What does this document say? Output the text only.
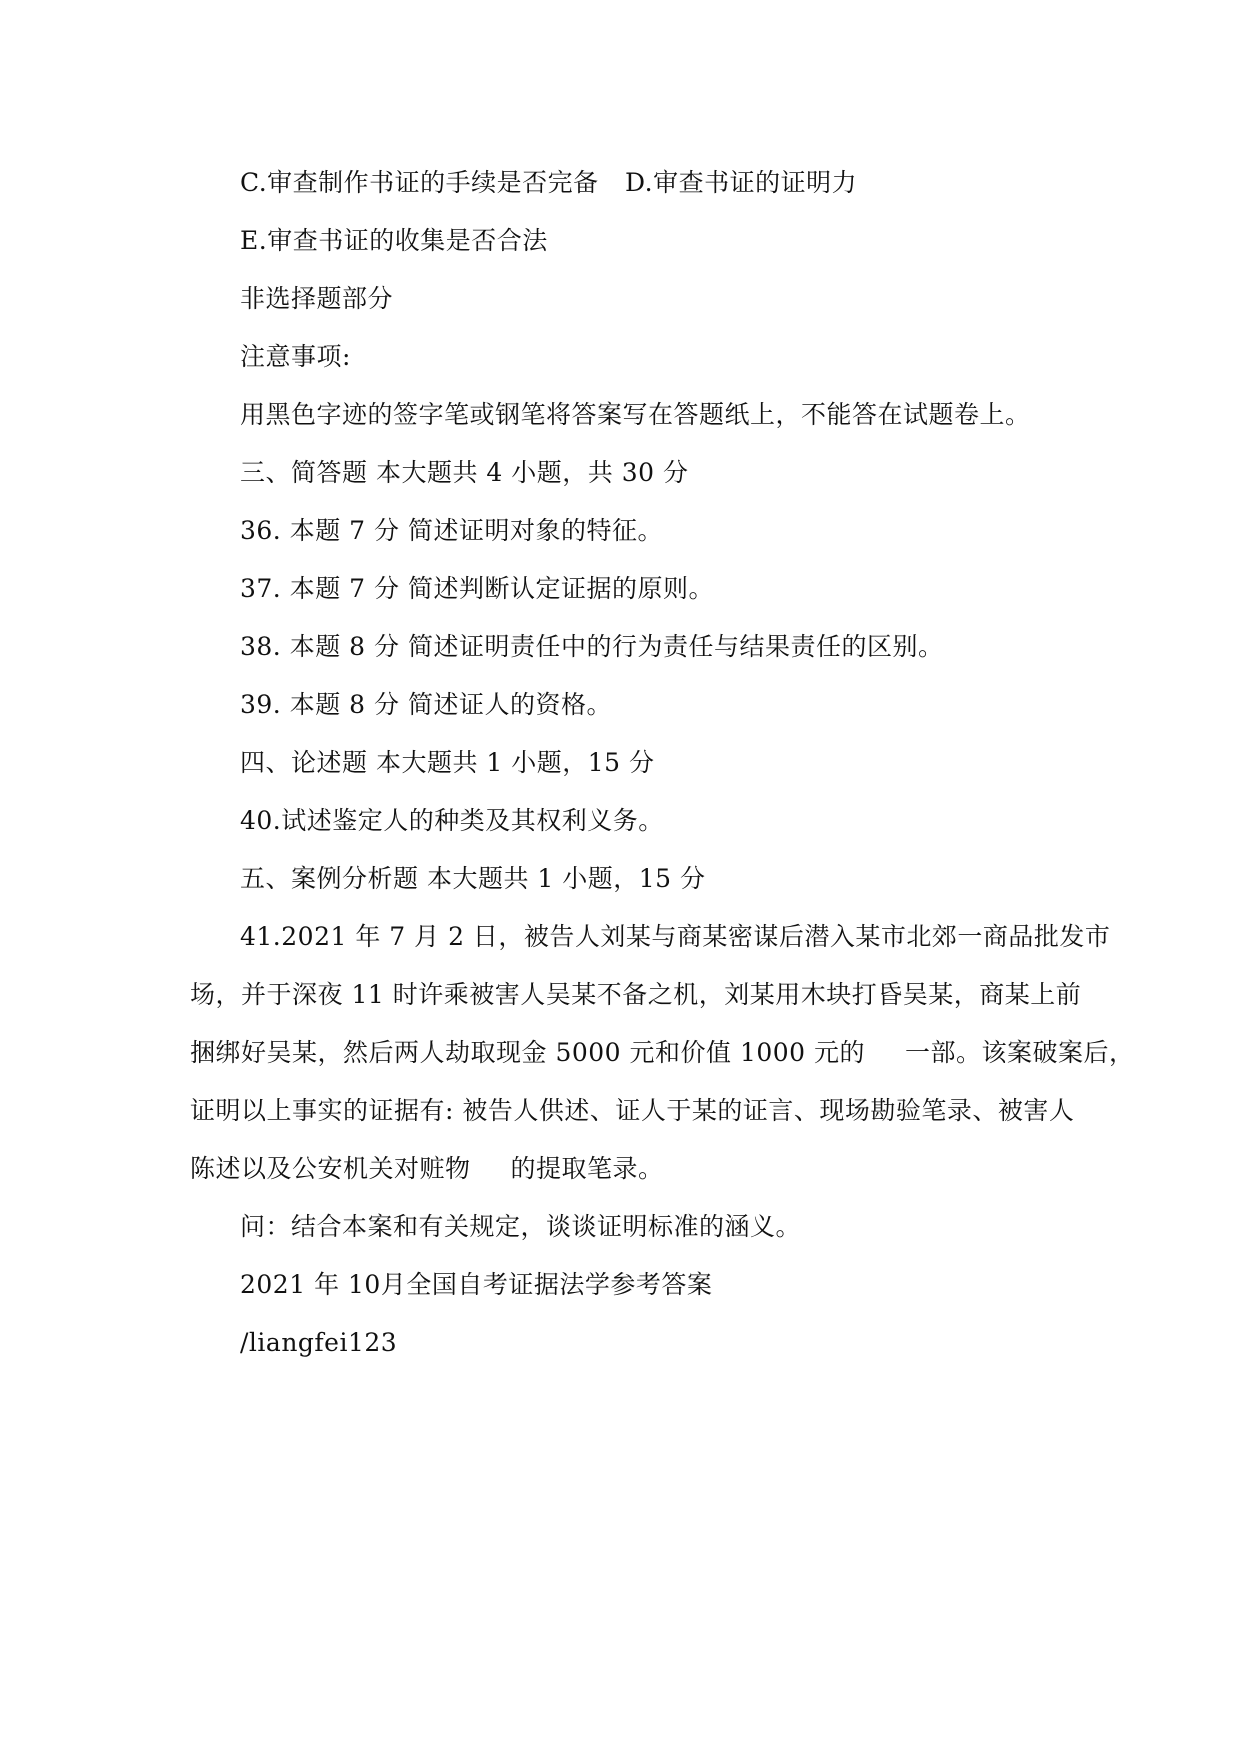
C.审查制作书证的手续是否完备 D.审查书证的证明力
E.审查书证的收集是否合法
非选择题部分
注意事项:
用黑色字迹的签字笔或钢笔将答案写在答题纸上，不能答在试题卷上。
三、简答题 本大题共 4 小题，共 30 分
36. 本题 7 分 简述证明对象的特征。
37. 本题 7 分 简述判断认定证据的原则。
38. 本题 8 分 简述证明责任中的行为责任与结果责任的区别。
39. 本题 8 分 简述证人的资格。
四、论述题 本大题共 1 小题，15 分
40.试述鉴定人的种类及其权利义务。
五、案例分析题 本大题共 1 小题，15 分
41.2021 年 7 月 2 日，被告人刘某与商某密谋后潜入某市北郊一商品批发市
场，并于深夜 11 时许乘被害人吴某不备之机，刘某用木块打昏吴某，商某上前
捆绑好吴某，然后两人劫取现金 5000 元和价值 1000 元的 一部。该案破案后，
证明以上事实的证据有: 被告人供述、证人于某的证言、现场勘验笔录、被害人
陈述以及公安机关对赃物 的提取笔录。
问：结合本案和有关规定，谈谈证明标准的涵义。
2021 年 10月全国自考证据法学参考答案
/liangfei123
